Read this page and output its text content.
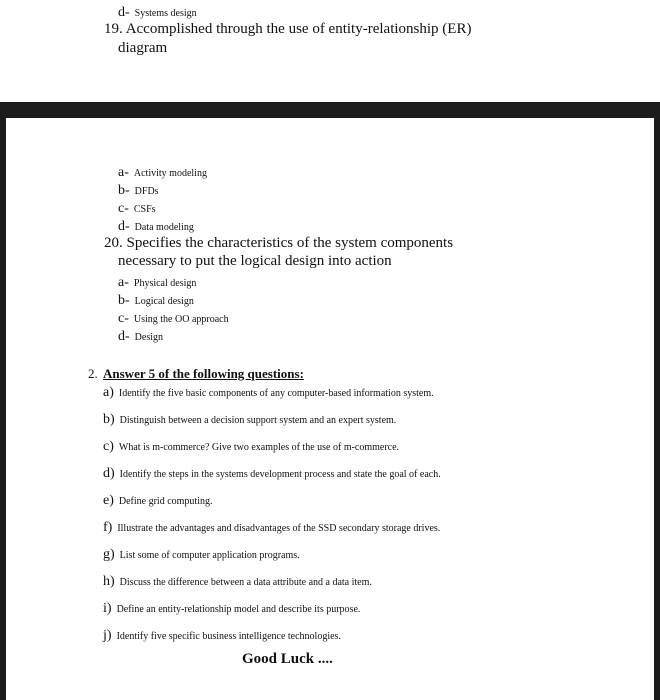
d- Systems design
19. Accomplished through the use of entity-relationship (ER)
diagram
a- Activity modeling
b- DFDs
c- CSFs
d- Data modeling
20. Specifies the characteristics of the system components
necessary to put the logical design into action
a- Physical design
b- Logical design
c- Using the OO approach
d- Design
2. Answer 5 of the following questions:
a) Identify the five basic components of any computer-based information system.
b) Distinguish between a decision support system and an expert system.
c) What is m-commerce? Give two examples of the use of m-commerce.
d) Identify the steps in the systems development process and state the goal of each.
e) Define grid computing.
f) Illustrate the advantages and disadvantages of the SSD secondary storage drives.
g) List some of computer application programs.
h) Discuss the difference between a data attribute and a data item.
i) Define an entity-relationship model and describe its purpose.
j) Identify five specific business intelligence technologies.
Good Luck ....
